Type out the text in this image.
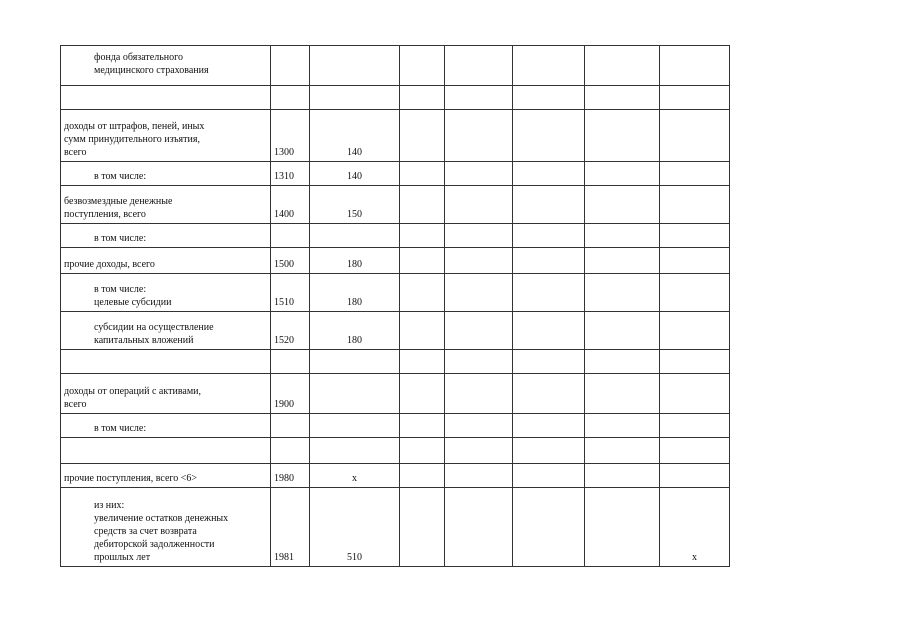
фонда обязательного
медицинского страхования							

доходы от штрафов, пеней, иных
сумм принудительного изъятия,
всего	1300	140					
в том числе:	1310	140					
безвозмездные денежные
поступления, всего	1400	150					
в том числе:							
прочие доходы, всего	1500	180					
в том числе:
целевые субсидии	1510	180					
субсидии на осуществление
капитальных вложений	1520	180					

доходы от операций с активами,
всего	1900						
в том числе:							

прочие поступления, всего <6>	1980	x					
из них:
увеличение остатков денежных
средств за счет возврата
дебиторской задолженности
прошлых лет	1981	510					x
